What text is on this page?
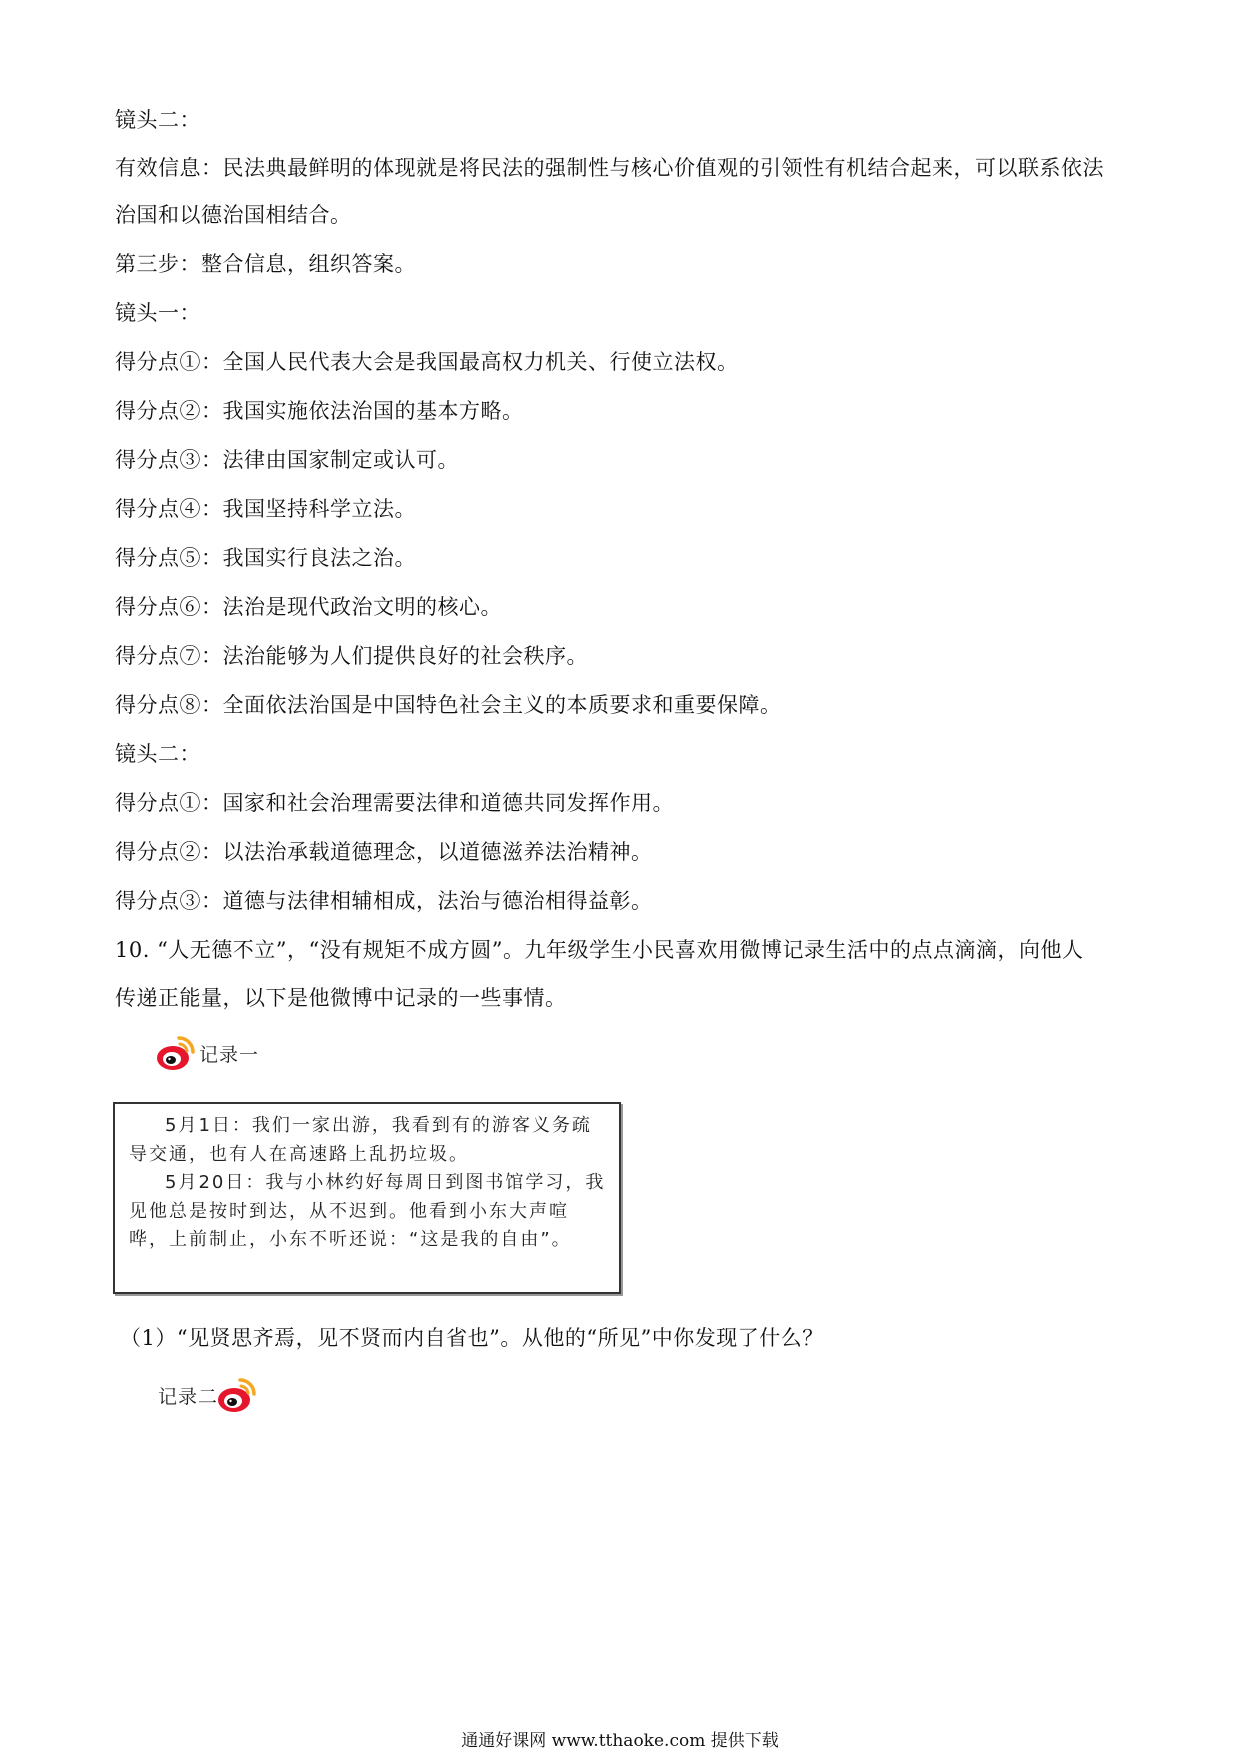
镜头二：
有效信息：民法典最鲜明的体现就是将民法的强制性与核心价值观的引领性有机结合起来，可以联系依法
治国和以德治国相结合。
第三步：整合信息，组织答案。
镜头一：
得分点①：全国人民代表大会是我国最高权力机关、行使立法权。
得分点②：我国实施依法治国的基本方略。
得分点③：法律由国家制定或认可。
得分点④：我国坚持科学立法。
得分点⑤：我国实行良法之治。
得分点⑥：法治是现代政治文明的核心。
得分点⑦：法治能够为人们提供良好的社会秩序。
得分点⑧：全面依法治国是中国特色社会主义的本质要求和重要保障。
镜头二：
得分点①：国家和社会治理需要法律和道德共同发挥作用。
得分点②：以法治承载道德理念，以道德滋养法治精神。
得分点③：道德与法律相辅相成，法治与德治相得益彰。
10. “人无德不立”，“没有规矩不成方圆”。九年级学生小民喜欢用微博记录生活中的点点滴滴，向他人
传递正能量，以下是他微博中记录的一些事情。
记录一

5月1日：我们一家出游，我看到有的游客义务疏导交通，也有人在高速路上乱扔垃圾。

5月20日：我与小林约好每周日到图书馆学习，我见他总是按时到达，从不迟到。他看到小东大声喧哗，上前制止，小东不听还说：“这是我的自由”。

（1）“见贤思齐焉，见不贤而内自省也”。从他的“所见”中你发现了什么？
记录二
通通好课网 www.tthaoke.com 提供下载
